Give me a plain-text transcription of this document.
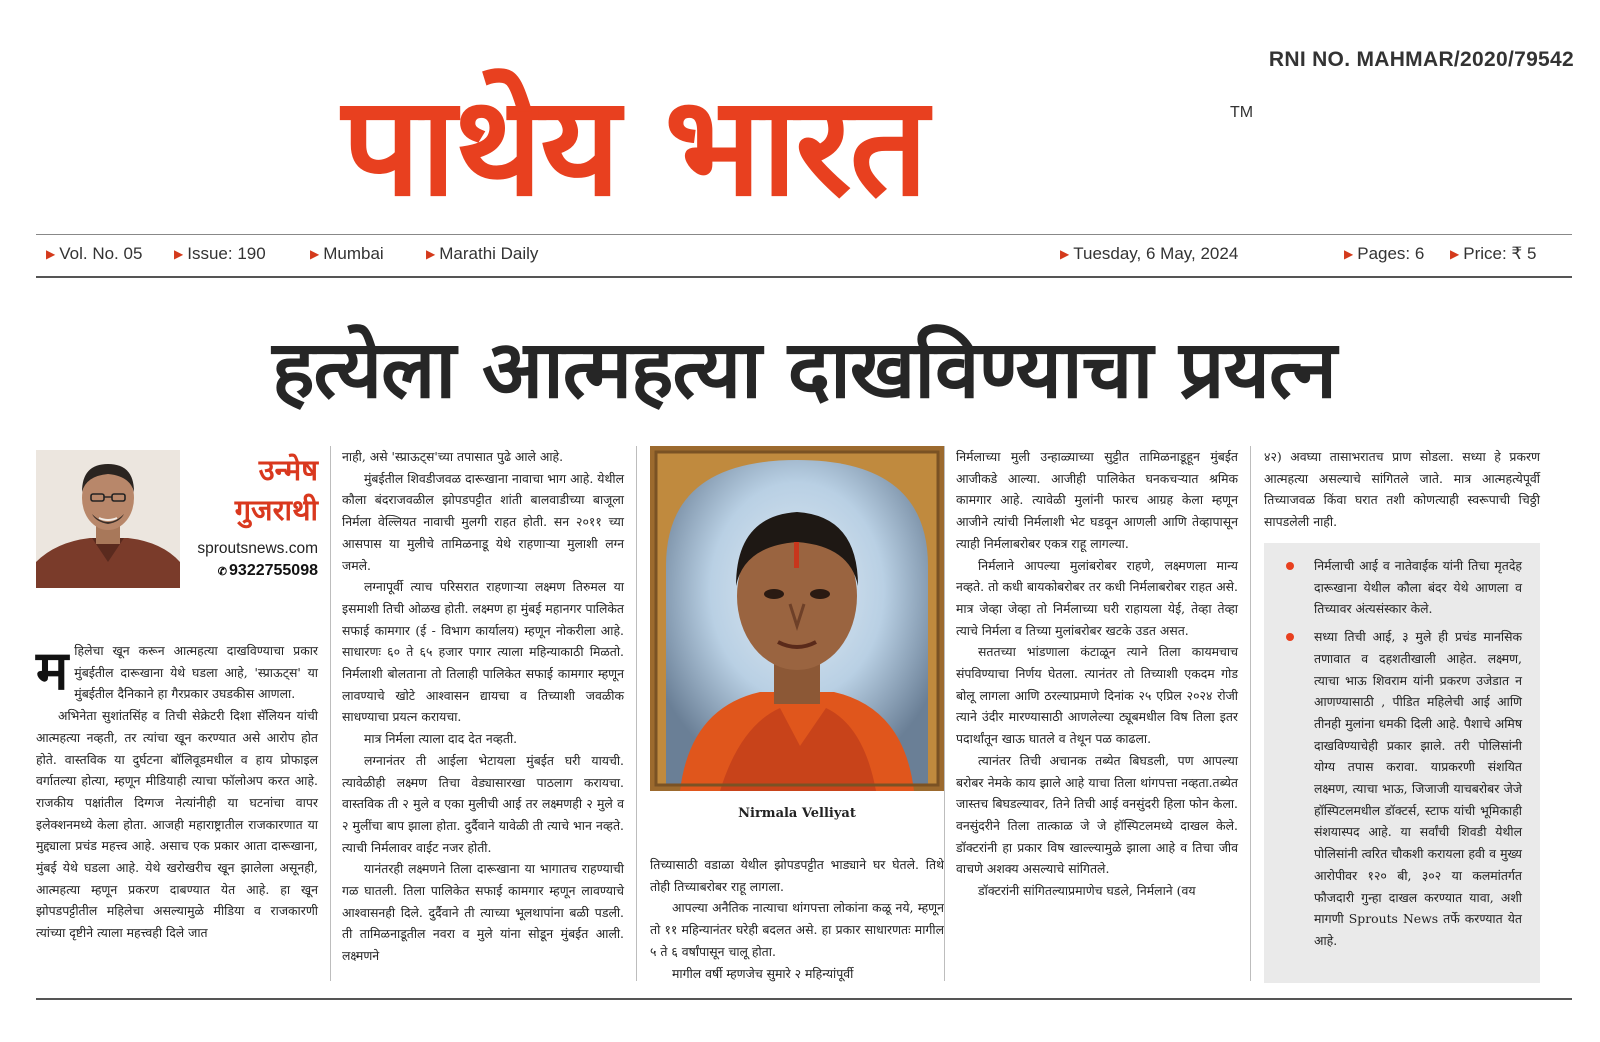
RNI NO. MAHMAR/2020/79542
पाथेय भारत	TM
▶ Vol. No. 05	▶ Issue: 190	▶ Mumbai	▶ Marathi Daily	▶ Tuesday, 6 May, 2024	▶ Pages: 6 ▶ Price: ₹ 5
हत्येला आत्महत्या दाखविण्याचा प्रयत्न
उन्मेष
गुजराथी
sproutsnews.com
✆ 9322755098

महिलेचा खून करून आत्महत्या दाखविण्याचा प्रकार मुंबईतील दारूखाना येथे घडला आहे, 'स्प्राऊट्स' या मुंबईतील दैनिकाने हा गैरप्रकार उघडकीस आणला.

अभिनेता सुशांतसिंह व तिची सेक्रेटरी दिशा सॅलियन यांची आत्महत्या नव्हती, तर त्यांचा खून करण्यात असे आरोप होत होते. वास्तविक या दुर्घटना बॉलिवूडमधील व हाय प्रोफाइल वर्गातल्या होत्या, म्हणून मीडियाही त्याचा फॉलोअप करत आहे. राजकीय पक्षांतील दिग्गज नेत्यांनीही या घटनांचा वापर इलेक्शनमध्ये केला होता. आजही महाराष्ट्रातील राजकारणात या मुद्द्याला प्रचंड महत्त्व आहे. असाच एक प्रकार आता दारूखाना, मुंबई येथे घडला आहे. येथे खरोखरीच खून झालेला असूनही, आत्महत्या म्हणून प्रकरण दाबण्यात येत आहे. हा खून झोपडपट्टीतील महिलेचा असल्यामुळे मीडिया व राजकारणी त्यांच्या दृष्टीने त्याला महत्त्वही दिले जात

नाही, असे 'स्प्राऊट्स'च्या तपासात पुढे आले आहे.

मुंबईतील शिवडीजवळ दारूखाना नावाचा भाग आहे. येथील कौला बंदराजवळील झोपडपट्टीत शांती बालवाडीच्या बाजूला निर्मला वेल्लियत नावाची मुलगी राहत होती. सन २०११ च्या आसपास या मुलीचे तामिळनाडू येथे राहणाऱ्या मुलाशी लग्न जमले.

लग्नापूर्वी त्याच परिसरात राहणाऱ्या लक्ष्मण तिरुमल या इसमाशी तिची ओळख होती. लक्ष्मण हा मुंबई महानगर पालिकेत सफाई कामगार (ई - विभाग कार्यालय) म्हणून नोकरीला आहे. साधारणः ६० ते ६५ हजार पगार त्याला महिन्याकाठी मिळतो. निर्मलाशी बोलताना तो तिलाही पालिकेत सफाई कामगार म्हणून लावण्याचे खोटे आश्वासन द्यायचा व तिच्याशी जवळीक साधण्याचा प्रयत्न करायचा.

मात्र निर्मला त्याला दाद देत नव्हती.

लग्नानंतर ती आईला भेटायला मुंबईत घरी यायची. त्यावेळीही लक्ष्मण तिचा वेड्यासारखा पाठलाग करायचा. वास्तविक ती २ मुले व एका मुलीची आई तर लक्ष्मणही २ मुले व २ मुलींचा बाप झाला होता. दुर्दैवाने यावेळी ती त्याचे भान नव्हते. त्याची निर्मलावर वाईट नजर होती.

यानंतरही लक्ष्मणने तिला दारूखाना या भागातच राहण्याची गळ घातली. तिला पालिकेत सफाई कामगार म्हणून लावण्याचे आश्वासनही दिले. दुर्दैवाने ती त्याच्या भूलथापांना बळी पडली. ती तामिळनाडूतील नवरा व मुले यांना सोडून मुंबईत आली. लक्ष्मणने

Nirmala Velliyat

तिच्यासाठी वडाळा येथील झोपडपट्टीत भाड्याने घर घेतले. तिथे तोही तिच्याबरोबर राहू लागला.

आपल्या अनैतिक नात्याचा थांगपत्ता लोकांना कळू नये, म्हणून तो ११ महिन्यानंतर घरेही बदलत असे. हा प्रकार साधारणतः मागील ५ ते ६ वर्षांपासून चालू होता.

मागील वर्षी म्हणजेच सुमारे २ महिन्यांपूर्वी

निर्मलाच्या मुली उन्हाळ्याच्या सुट्टीत तामिळनाडूहून मुंबईत आजीकडे आल्या. आजीही पालिकेत घनकचऱ्यात श्रमिक कामगार आहे. त्यावेळी मुलांनी फारच आग्रह केला म्हणून आजीने त्यांची निर्मलाशी भेट घडवून आणली आणि तेव्हापासून त्याही निर्मलाबरोबर एकत्र राहू लागल्या.

निर्मलाने आपल्या मुलांबरोबर राहणे, लक्ष्मणला मान्य नव्हते. तो कधी बायकोबरोबर तर कधी निर्मलाबरोबर राहत असे. मात्र जेव्हा जेव्हा तो निर्मलाच्या घरी राहायला येई, तेव्हा तेव्हा त्याचे निर्मला व तिच्या मुलांबरोबर खटके उडत असत.

सततच्या भांडणाला कंटाळून त्याने तिला कायमचाच संपविण्याचा निर्णय घेतला. त्यानंतर तो तिच्याशी एकदम गोड बोलू लागला आणि ठरल्याप्रमाणे दिनांक २५ एप्रिल २०२४ रोजी त्याने उंदीर मारण्यासाठी आणलेल्या ट्यूबमधील विष तिला इतर पदार्थांतून खाऊ घातले व तेथून पळ काढला.

त्यानंतर तिची अचानक तब्येत बिघडली, पण आपल्या बरोबर नेमके काय झाले आहे याचा तिला थांगपत्ता नव्हता.तब्येत जास्तच बिघडल्यावर, तिने तिची आई वनसुंदरी हिला फोन केला. वनसुंदरीने तिला तात्काळ जे जे हॉस्पिटलमध्ये दाखल केले. डॉक्टरांनी हा प्रकार विष खाल्ल्यामुळे झाला आहे व तिचा जीव वाचणे अशक्य असल्याचे सांगितले.

डॉक्टरांनी सांगितल्याप्रमाणेच घडले, निर्मलाने (वय

४२) अवघ्या तासाभरातच प्राण सोडला. सध्या हे प्रकरण आत्महत्या असल्याचे सांगितले जाते. मात्र आत्महत्येपूर्वी तिच्याजवळ किंवा घरात तशी कोणत्याही स्वरूपाची चिठ्ठी सापडलेली नाही.

निर्मलाची आई व नातेवाईक यांनी तिचा मृतदेह दारूखाना येथील कौला बंदर येथे आणला व तिच्यावर अंत्यसंस्कार केले.
सध्या तिची आई, ३ मुले ही प्रचंड मानसिक तणावात व दहशतीखाली आहेत. लक्ष्मण, त्याचा भाऊ शिवराम यांनी प्रकरण उजेडात न आणण्यासाठी , पीडित महिलेची आई आणि तीनही मुलांना धमकी दिली आहे. पैशाचे अमिष दाखविण्याचेही प्रकार झाले. तरी पोलिसांनी योग्य तपास करावा. याप्रकरणी संशयित लक्ष्मण, त्याचा भाऊ, जिजाजी याचबरोबर जेजे हॉस्पिटलमधील डॉक्टर्स, स्टाफ यांची भूमिकाही संशयास्पद आहे. या सर्वांची शिवडी येथील पोलिसांनी त्वरित चौकशी करायला हवी व मुख्य आरोपीवर १२० बी, ३०२ या कलमांतर्गत फौजदारी गुन्हा दाखल करण्यात यावा, अशी मागणी Sprouts News तर्फे करण्यात येत आहे.
